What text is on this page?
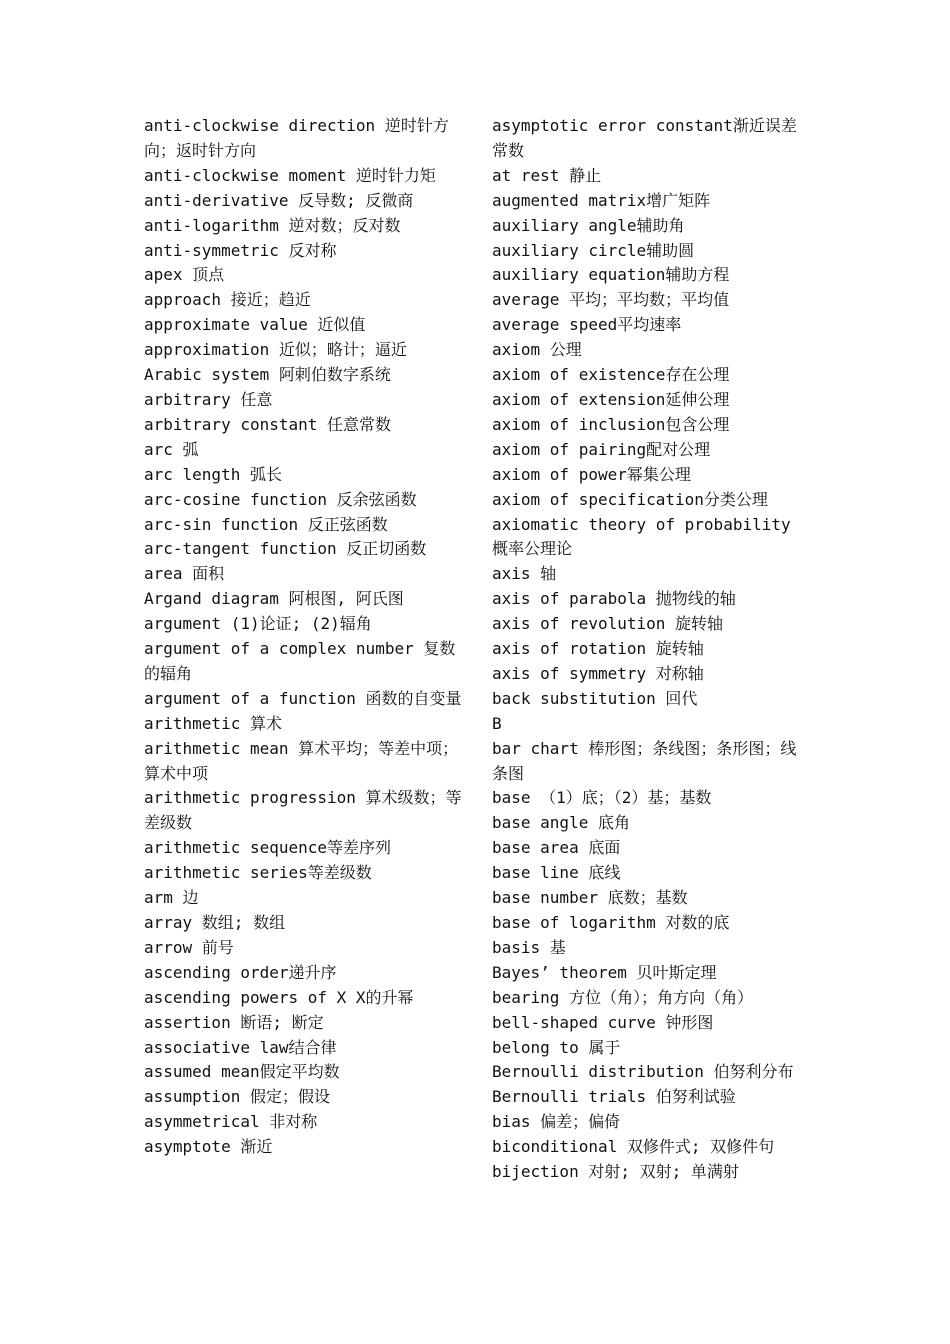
anti-clockwise direction 逆时针方向；返时针方向

anti-clockwise moment 逆时针力矩

anti-derivative 反导数; 反微商

anti-logarithm 逆对数；反对数

anti-symmetric 反对称

apex 顶点

approach 接近；趋近

approximate value 近似值

approximation 近似；略计；逼近

Arabic system 阿剌伯数字系统

arbitrary 任意

arbitrary constant 任意常数

arc 弧

arc length 弧长

arc-cosine function 反余弦函数

arc-sin function 反正弦函数

arc-tangent function 反正切函数

area 面积

Argand diagram 阿根图, 阿氏图

argument (1)论证; (2)辐角

argument of a complex number 复数的辐角

argument of a function 函数的自变量

arithmetic 算术

arithmetic mean 算术平均；等差中项；算术中项

arithmetic progression 算术级数；等差级数

arithmetic sequence等差序列

arithmetic series等差级数

arm 边

array 数组; 数组

arrow 前号

ascending order递升序

ascending powers of X X的升幂

assertion 断语; 断定

associative law结合律

assumed mean假定平均数

assumption 假定；假设

asymmetrical 非对称

asymptote 渐近

asymptotic error constant渐近误差常数

at rest 静止

augmented matrix增广矩阵

auxiliary angle辅助角

auxiliary circle辅助圆

auxiliary equation辅助方程

average 平均；平均数；平均值

average speed平均速率

axiom 公理

axiom of existence存在公理

axiom of extension延伸公理

axiom of inclusion包含公理

axiom of pairing配对公理

axiom of power幂集公理

axiom of specification分类公理

axiomatic theory of probability 概率公理论

axis 轴

axis of parabola 抛物线的轴

axis of revolution 旋转轴

axis of rotation 旋转轴

axis of symmetry 对称轴

back substitution 回代

B

bar chart 棒形图；条线图；条形图；线条图

base （1）底；（2）基；基数

base angle 底角

base area 底面

base line 底线

base number 底数；基数

base of logarithm 对数的底

basis 基

Bayes’ theorem 贝叶斯定理

bearing 方位（角）；角方向（角）

bell-shaped curve 钟形图

belong to 属于

Bernoulli distribution 伯努利分布

Bernoulli trials 伯努利试验

bias 偏差；偏倚

biconditional 双修件式; 双修件句

bijection 对射; 双射; 单满射
